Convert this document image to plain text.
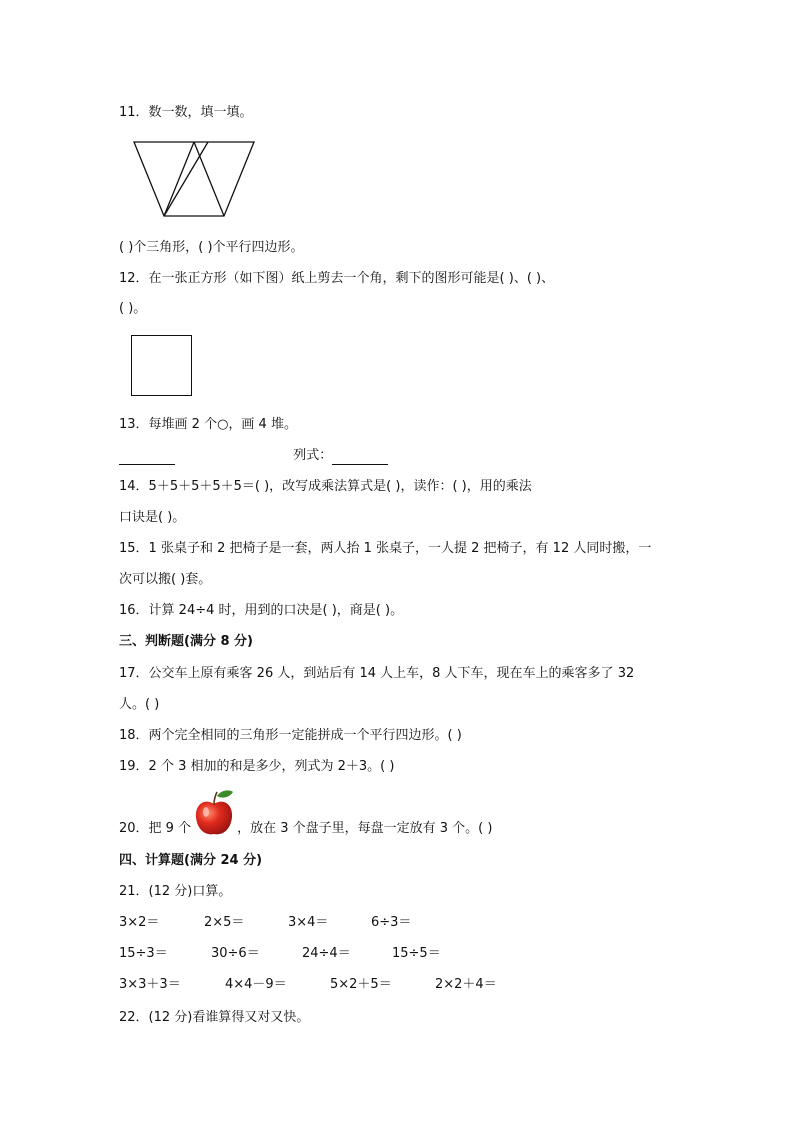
11．数一数，填一填。
( )个三角形，( )个平行四边形。
12．在一张正方形（如下图）纸上剪去一个角，剩下的图形可能是( )、( )、
( )。
13．每堆画 2 个○，画 4 堆。
列式：
14．5＋5＋5＋5＋5＝( )，改写成乘法算式是( )，读作：( )，用的乘法
口诀是( )。
15．1 张桌子和 2 把椅子是一套，两人抬 1 张桌子，一人提 2 把椅子，有 12 人同时搬，一
次可以搬( )套。
16．计算 24÷4 时，用到的口决是( )，商是( )。
三、判断题(满分 8 分)
17．公交车上原有乘客 26 人，到站后有 14 人上车，8 人下车，现在车上的乘客多了 32
人。( )
18．两个完全相同的三角形一定能拼成一个平行四边形。( )
19．2 个 3 相加的和是多少，列式为 2＋3。( )
20．把 9 个	，放在 3 个盘子里，每盘一定放有 3 个。( )
四、计算题(满分 24 分)
21．(12 分)口算。
3×2＝	2×5＝	3×4＝	6÷3＝
15÷3＝	30÷6＝	24÷4＝	15÷5＝
3×3＋3＝	4×4－9＝	5×2＋5＝	2×2＋4＝
22．(12 分)看谁算得又对又快。
